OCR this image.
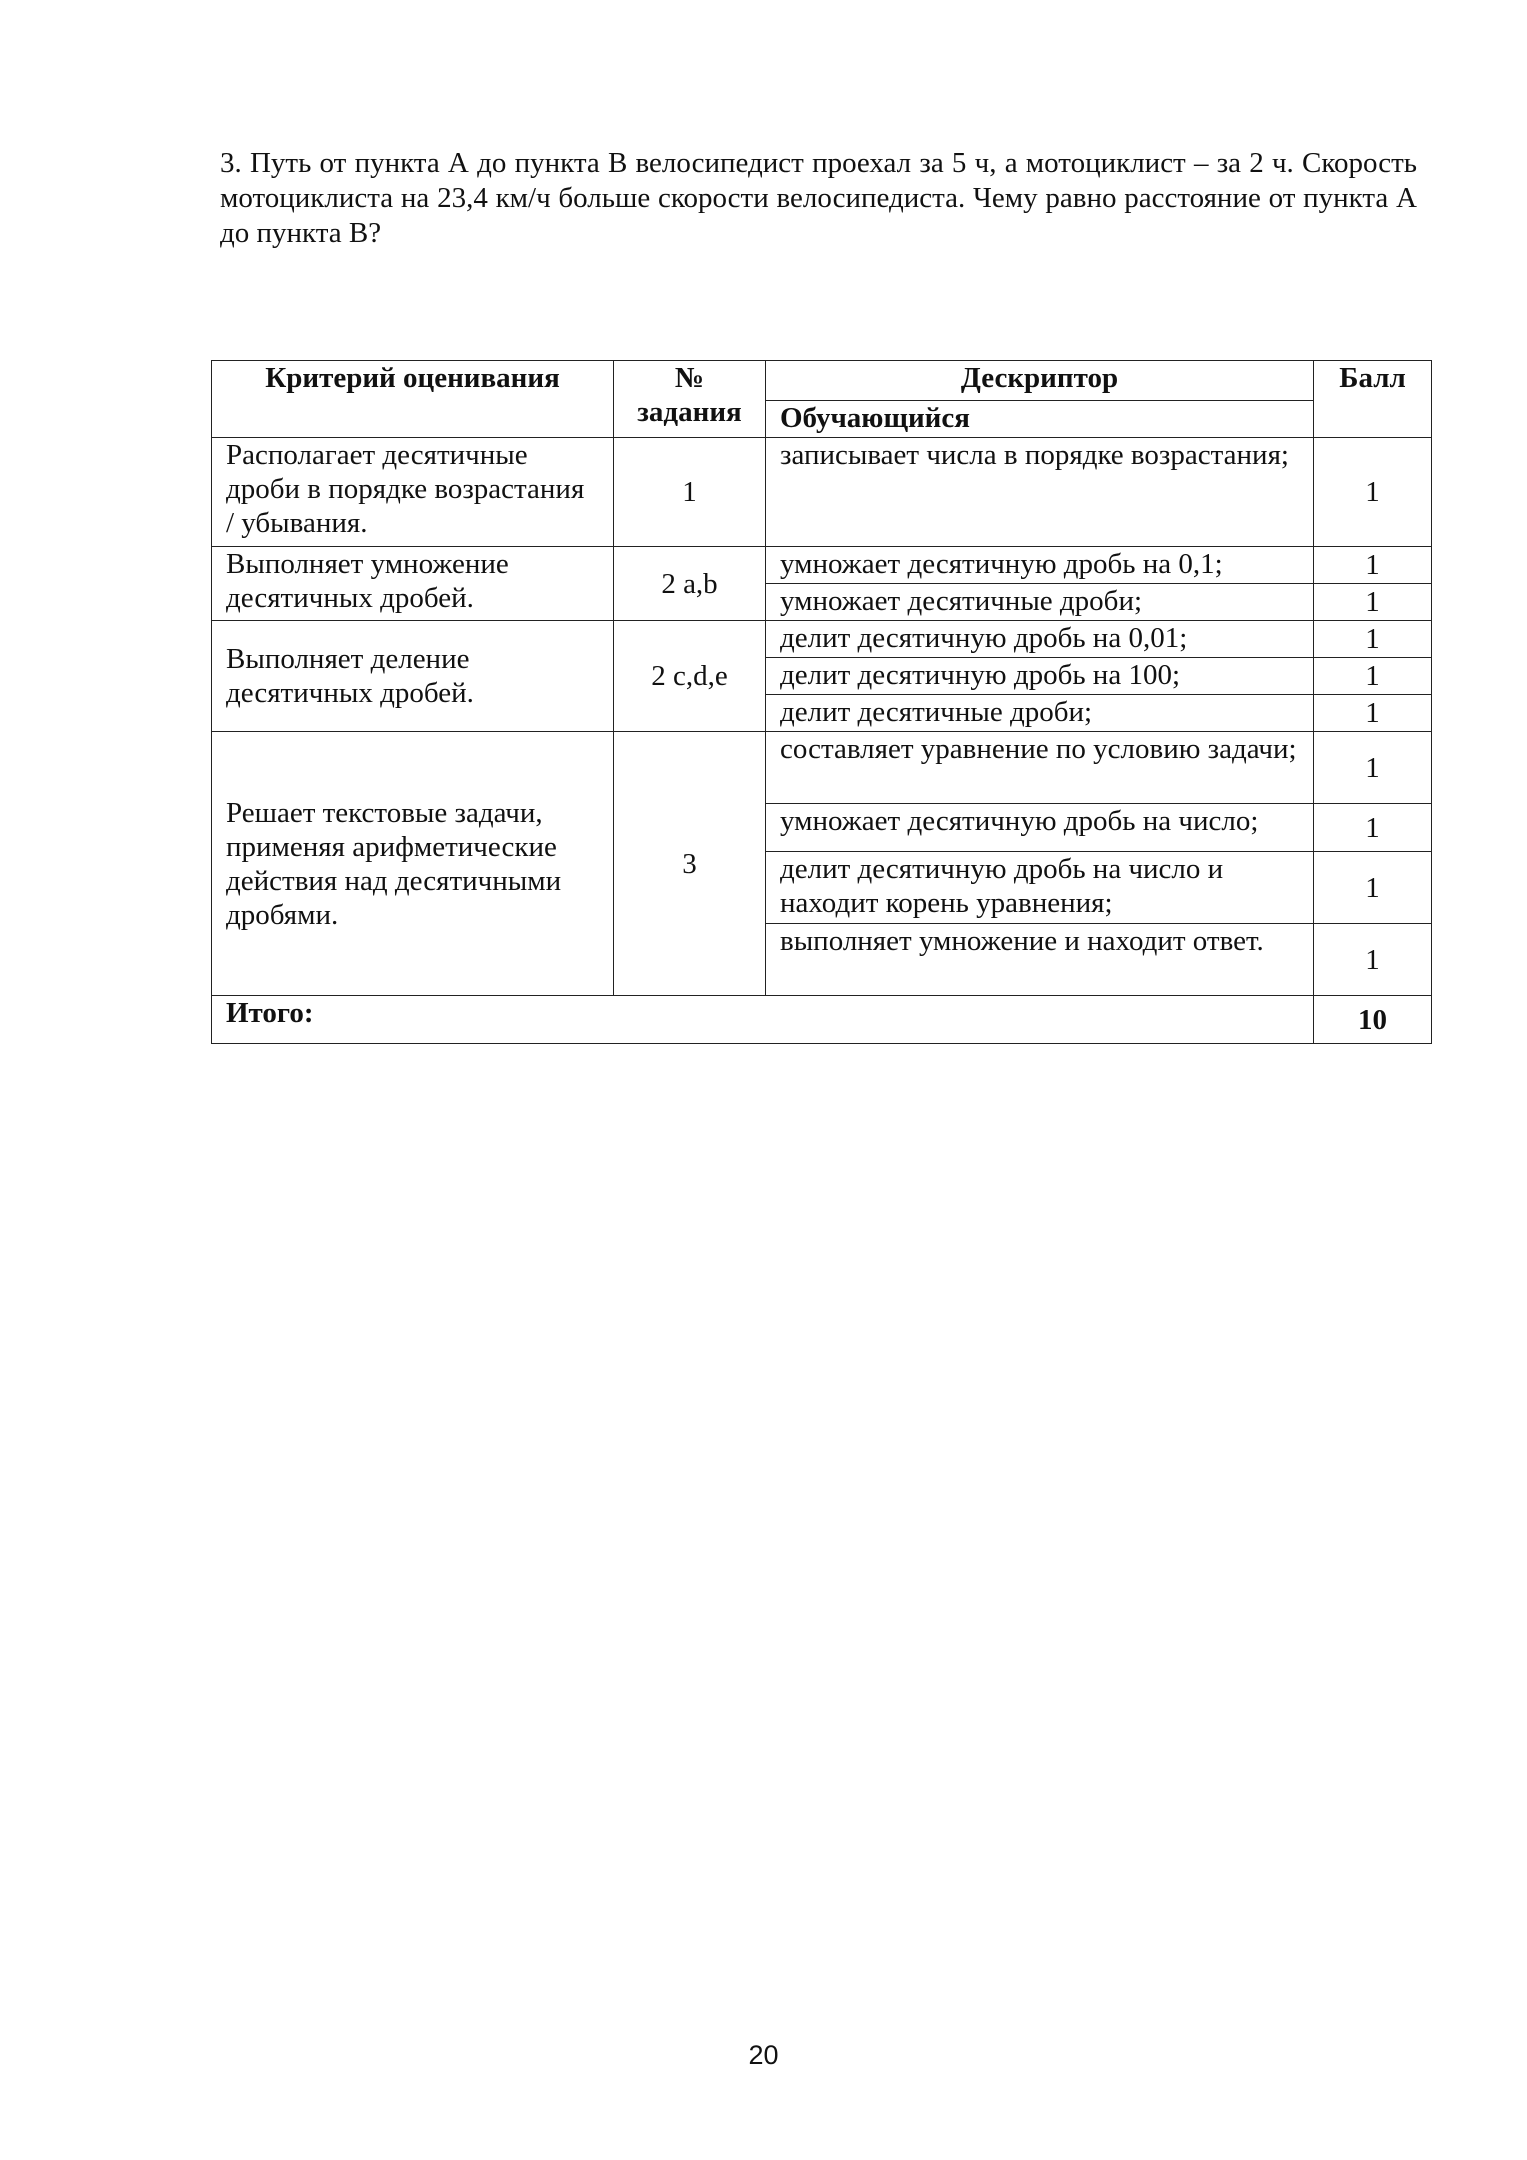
3. Путь от пункта А до пункта В велосипедист проехал за 5 ч, а мотоциклист – за 2 ч. Скорость мотоциклиста на 23,4 км/ч больше скорости велосипедиста. Чему равно расстояние от пункта А до пункта В?
Критерий оценивания	№ задания	Дескриптор	Балл
		Обучающийся	
Располагает десятичные дроби в порядке возрастания / убывания.	1	записывает числа в порядке возрастания;	1
Выполняет умножение десятичных дробей.	2 a,b	умножает десятичную дробь на 0,1;	1
		умножает десятичные дроби;	1
Выполняет деление десятичных дробей.	2 c,d,e	делит десятичную дробь на 0,01;	1
		делит десятичную дробь на 100;	1
		делит десятичные дроби;	1
Решает текстовые задачи, применяя арифметические действия над десятичными дробями.	3	составляет уравнение по условию задачи;	1
		умножает десятичную дробь на число;	1
		делит десятичную дробь на число и находит корень уравнения;	1
		выполняет умножение и находит ответ.	1
Итого:			10
20
